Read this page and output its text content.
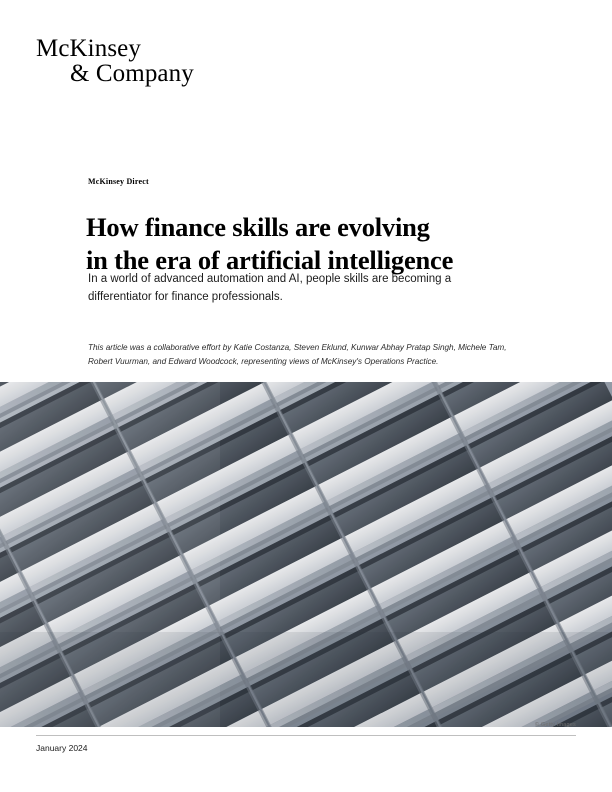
McKinsey
& Company
McKinsey Direct
How finance skills are evolving
in the era of artificial intelligence
In a world of advanced automation and AI, people skills are becoming a differentiator for finance professionals.
This article was a collaborative effort by Katie Costanza, Steven Eklund, Kunwar Abhay Pratap Singh, Michele Tam, Robert Vuurman, and Edward Woodcock, representing views of McKinsey's Operations Practice.
© Getty Images
January 2024
